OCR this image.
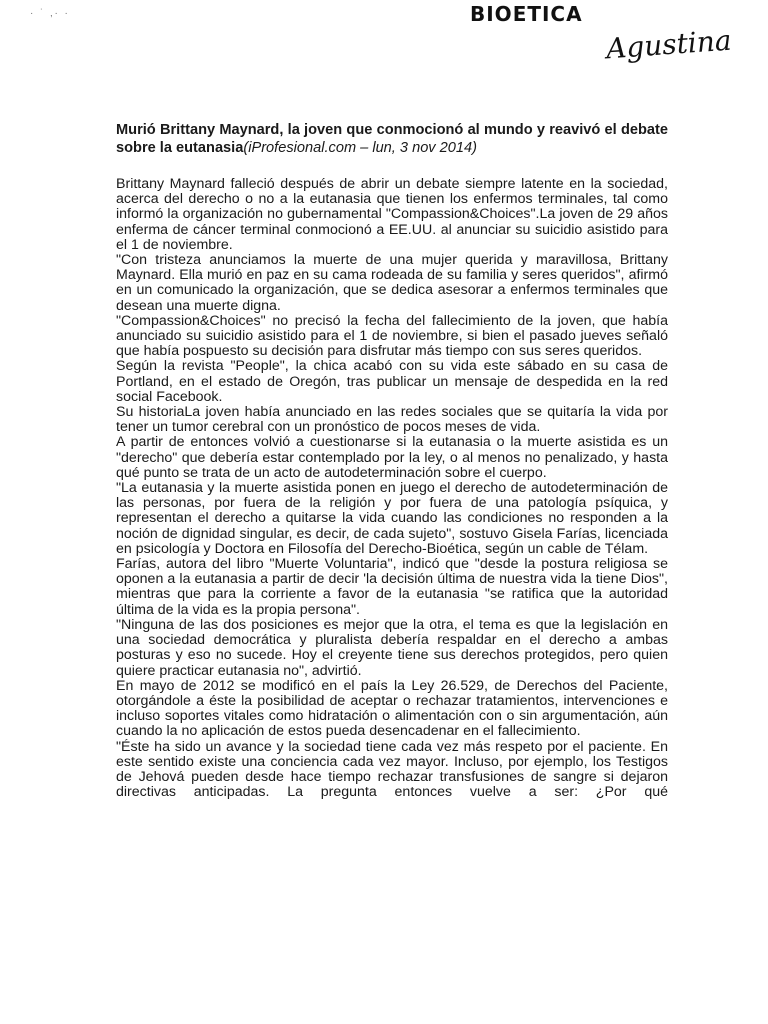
· ˙ ‚· ·	BIOETICA
Agustina

Murió Brittany Maynard, la joven que conmocionó al mundo y reavivó el debate sobre la eutanasia(iProfesional.com – lun, 3 nov 2014)

Brittany Maynard falleció después de abrir un debate siempre latente en la sociedad, acerca del derecho o no a la eutanasia que tienen los enfermos terminales, tal como informó la organización no gubernamental "Compassion&Choices".La joven de 29 años enferma de cáncer terminal conmocionó a EE.UU. al anunciar su suicidio asistido para el 1 de noviembre.

"Con tristeza anunciamos la muerte de una mujer querida y maravillosa, Brittany Maynard. Ella murió en paz en su cama rodeada de su familia y seres queridos", afirmó en un comunicado la organización, que se dedica asesorar a enfermos terminales que desean una muerte digna.

"Compassion&Choices" no precisó la fecha del fallecimiento de la joven, que había anunciado su suicidio asistido para el 1 de noviembre, si bien el pasado jueves señaló que había pospuesto su decisión para disfrutar más tiempo con sus seres queridos.

Según la revista "People", la chica acabó con su vida este sábado en su casa de Portland, en el estado de Oregón, tras publicar un mensaje de despedida en la red social Facebook.

Su historiaLa joven había anunciado en las redes sociales que se quitaría la vida por tener un tumor cerebral con un pronóstico de pocos meses de vida.

A partir de entonces volvió a cuestionarse si la eutanasia o la muerte asistida es un "derecho" que debería estar contemplado por la ley, o al menos no penalizado, y hasta qué punto se trata de un acto de autodeterminación sobre el cuerpo.

"La eutanasia y la muerte asistida ponen en juego el derecho de autodeterminación de las personas, por fuera de la religión y por fuera de una patología psíquica, y representan el derecho a quitarse la vida cuando las condiciones no responden a la noción de dignidad singular, es decir, de cada sujeto", sostuvo Gisela Farías, licenciada en psicología y Doctora en Filosofía del Derecho-Bioética, según un cable de Télam.

Farías, autora del libro "Muerte Voluntaria", indicó que "desde la postura religiosa se oponen a la eutanasia a partir de decir 'la decisión última de nuestra vida la tiene Dios", mientras que para la corriente a favor de la eutanasia "se ratifica que la autoridad última de la vida es la propia persona".

"Ninguna de las dos posiciones es mejor que la otra, el tema es que la legislación en una sociedad democrática y pluralista debería respaldar en el derecho a ambas posturas y eso no sucede. Hoy el creyente tiene sus derechos protegidos, pero quien quiere practicar eutanasia no", advirtió.

En mayo de 2012 se modificó en el país la Ley 26.529, de Derechos del Paciente, otorgándole a éste la posibilidad de aceptar o rechazar tratamientos, intervenciones e incluso soportes vitales como hidratación o alimentación con o sin argumentación, aún cuando la no aplicación de estos pueda desencadenar en el fallecimiento.

"Éste ha sido un avance y la sociedad tiene cada vez más respeto por el paciente. En este sentido existe una conciencia cada vez mayor. Incluso, por ejemplo, los Testigos de Jehová pueden desde hace tiempo rechazar transfusiones de sangre si dejaron directivas anticipadas. La pregunta entonces vuelve a ser: ¿Por qué
